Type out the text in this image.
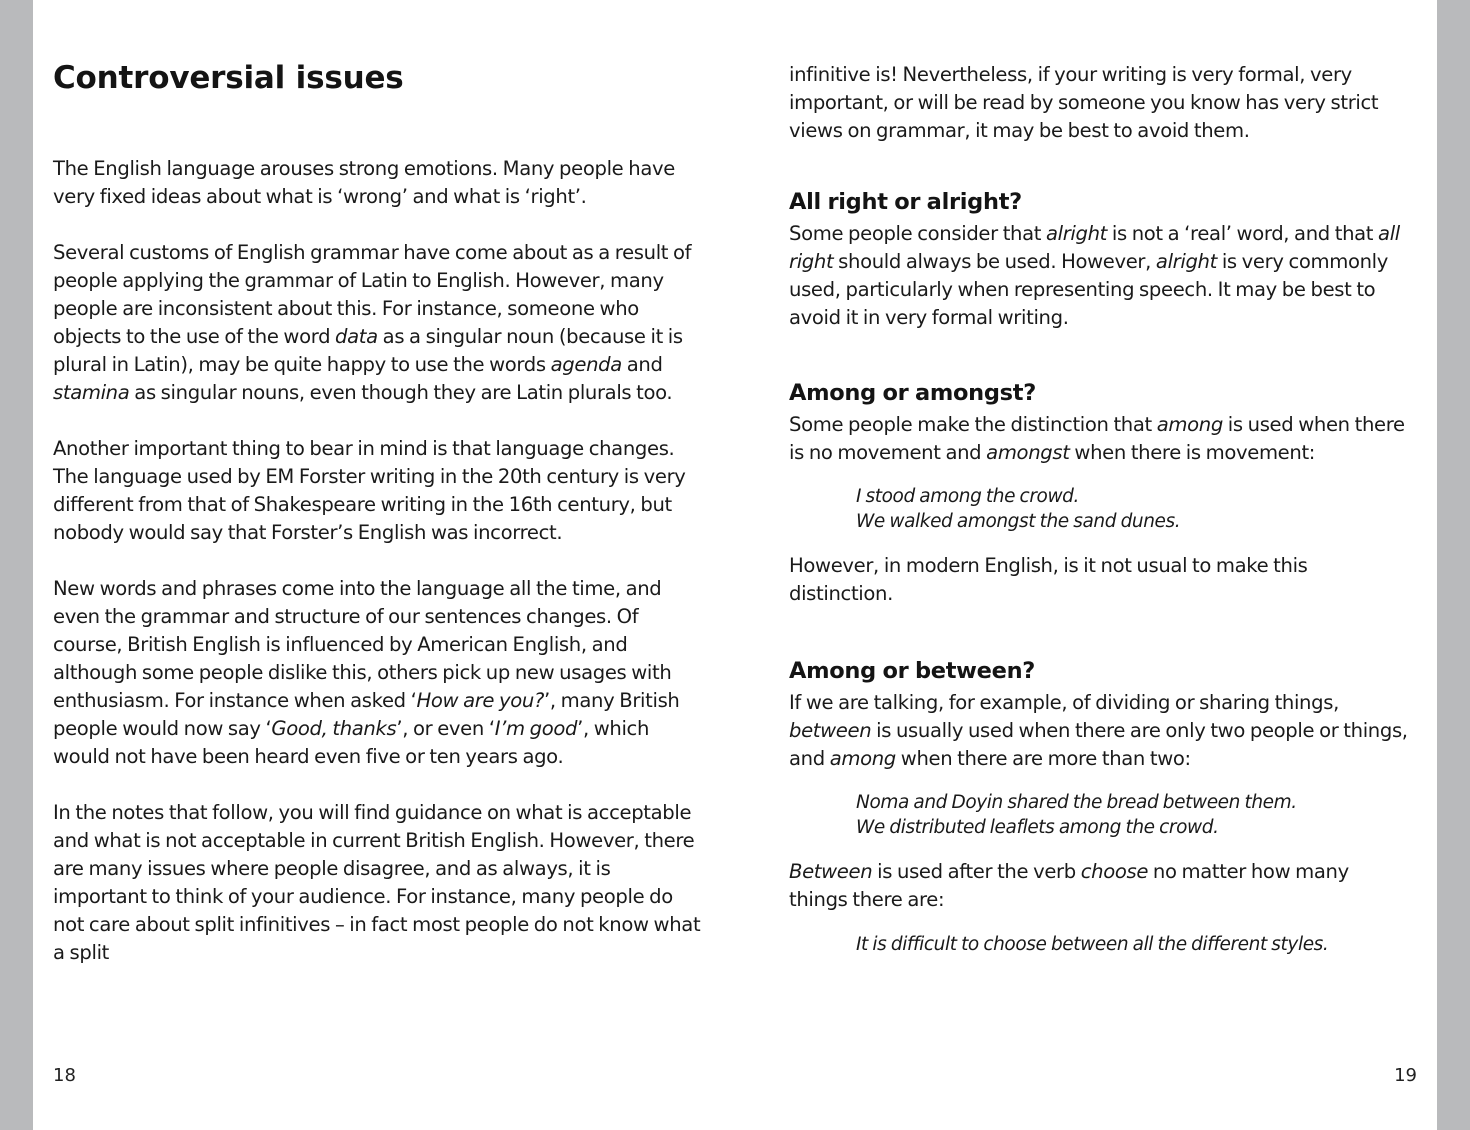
Controversial issues

The English language arouses strong emotions. Many people have very fixed ideas about what is ‘wrong’ and what is ‘right’.

Several customs of English grammar have come about as a result of people applying the grammar of Latin to English. However, many people are inconsistent about this. For instance, someone who objects to the use of the word data as a singular noun (because it is plural in Latin), may be quite happy to use the words agenda and stamina as singular nouns, even though they are Latin plurals too.

Another important thing to bear in mind is that language changes. The language used by EM Forster writing in the 20th century is very different from that of Shakespeare writing in the 16th century, but nobody would say that Forster’s English was incorrect.

New words and phrases come into the language all the time, and even the grammar and structure of our sentences changes. Of course, British English is influenced by American English, and although some people dislike this, others pick up new usages with enthusiasm. For instance when asked ‘How are you?’, many British people would now say ‘Good, thanks’, or even ‘I’m good’, which would not have been heard even five or ten years ago.

In the notes that follow, you will find guidance on what is acceptable and what is not acceptable in current British English. However, there are many issues where people disagree, and as always, it is important to think of your audience. For instance, many people do not care about split infinitives – in fact most people do not know what a split

18

infinitive is! Nevertheless, if your writing is very formal, very important, or will be read by someone you know has very strict views on grammar, it may be best to avoid them.

All right or alright?

Some people consider that alright is not a ‘real’ word, and that all right should always be used. However, alright is very commonly used, particularly when representing speech. It may be best to avoid it in very formal writing.

Among or amongst?

Some people make the distinction that among is used when there is no movement and amongst when there is movement:

I stood among the crowd.

We walked amongst the sand dunes.

However, in modern English, is it not usual to make this distinction.

Among or between?

If we are talking, for example, of dividing or sharing things, between is usually used when there are only two people or things, and among when there are more than two:

Noma and Doyin shared the bread between them.

We distributed leaflets among the crowd.

Between is used after the verb choose no matter how many things there are:

It is difficult to choose between all the different styles.

19
